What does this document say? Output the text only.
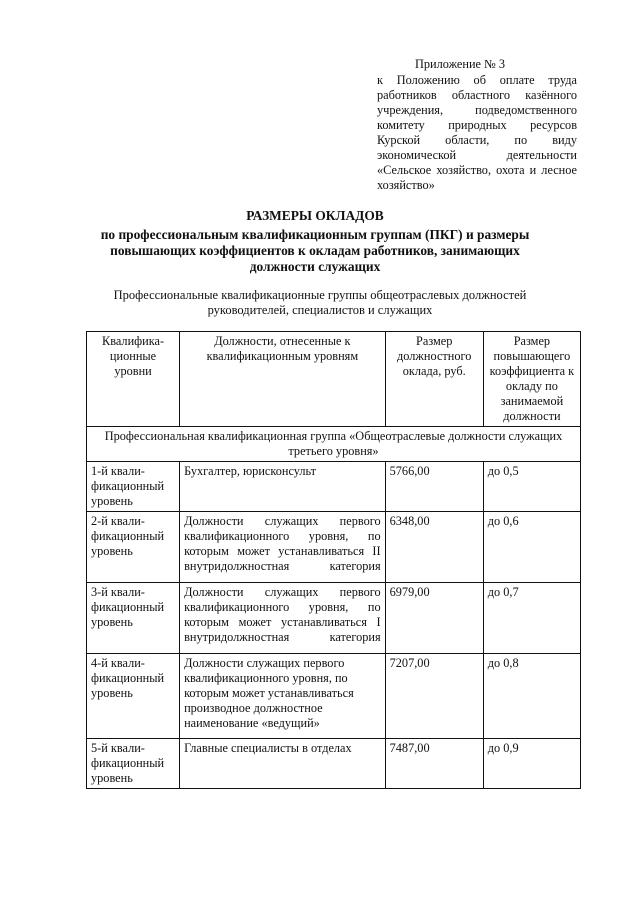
Приложение № 3
к Положению об оплате труда работников областного казённого учреждения, подведомственного комитету природных ресурсов Курской области, по виду экономической деятельности «Сельское хозяйство, охота и лесное хозяйство»
РАЗМЕРЫ ОКЛАДОВ
по профессиональным квалификационным группам (ПКГ) и размеры повышающих коэффициентов к окладам работников, занимающих должности служащих
Профессиональные квалификационные группы общеотраслевых должностей руководителей, специалистов и служащих
Квалифика-ционные уровни	Должности, отнесенные к квалификационным уровням	Размер должностного оклада, руб.	Размер повышающего коэффициента к окладу по занимаемой должности
Профессиональная квалификационная группа «Общеотраслевые должности служащих третьего уровня»			
1-й квали-фикационный уровень	Бухгалтер, юрисконсульт	5766,00	до 0,5
2-й квали-фикационный уровень	Должности служащих первого квалификационного уровня, по которым может устанавливаться II внутридолжностная категория	6348,00	до 0,6
3-й квали-фикационный уровень	Должности служащих первого квалификационного уровня, по которым может устанавливаться I внутридолжностная категория	6979,00	до 0,7
4-й квали-фикационный уровень	Должности служащих первого квалификационного уровня, по которым может устанавливаться производное должностное наименование «ведущий»	7207,00	до 0,8
5-й квали-фикационный уровень	Главные специалисты в отделах	7487,00	до 0,9
